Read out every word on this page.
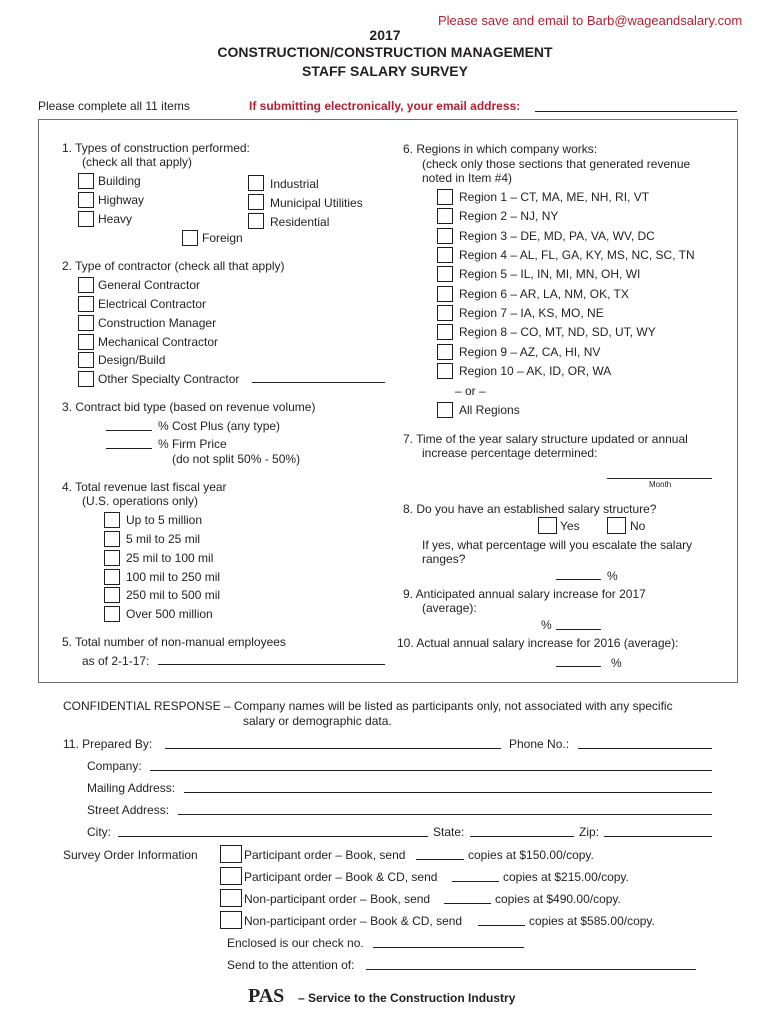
Please save and email to Barb@wageandsalary.com
2017
CONSTRUCTION/CONSTRUCTION MANAGEMENT
STAFF SALARY SURVEY
Please complete all 11 items	If submitting electronically, your email address:
1. Types of construction performed:
(check all that apply)
Building
Highway
Heavy
Industrial
Municipal Utilities
Residential
Foreign
2. Type of contractor (check all that apply)
General Contractor
Electrical Contractor
Construction Manager
Mechanical Contractor
Design/Build
Other Specialty Contractor
3. Contract bid type (based on revenue volume)
% Cost Plus (any type)
% Firm Price
(do not split 50% - 50%)
4. Total revenue last fiscal year
(U.S. operations only)
Up to 5 million
5 mil to 25 mil
25 mil to 100 mil
100 mil to 250 mil
250 mil to 500 mil
Over 500 million
5. Total number of non-manual employees
as of 2-1-17:
6. Regions in which company works:
(check only those sections that generated revenue
noted in Item #4)
Region 1 – CT, MA, ME, NH, RI, VT
Region 2 – NJ, NY
Region 3 – DE, MD, PA, VA, WV, DC
Region 4 – AL, FL, GA, KY, MS, NC, SC, TN
Region 5 – IL, IN, MI, MN, OH, WI
Region 6 – AR, LA, NM, OK, TX
Region 7 – IA, KS, MO, NE
Region 8 – CO, MT, ND, SD, UT, WY
Region 9 – AZ, CA, HI, NV
Region 10 – AK, ID, OR, WA
– or –
All Regions
7. Time of the year salary structure updated or annual
increase percentage determined:
Month
8. Do you have an established salary structure?
Yes	No
If yes, what percentage will you escalate the salary
ranges?
%
9. Anticipated annual salary increase for 2017
(average):
%
10. Actual annual salary increase for 2016 (average):
%
CONFIDENTIAL RESPONSE – Company names will be listed as participants only, not associated with any specific
salary or demographic data.
11. Prepared By:	Phone No.:
Company:
Mailing Address:
Street Address:
City:	State:	Zip:
Survey Order Information	Participant order – Book, send	copies at $150.00/copy.
Participant order – Book & CD, send	copies at $215.00/copy.
Non-participant order – Book, send	copies at $490.00/copy.
Non-participant order – Book & CD, send	copies at $585.00/copy.
Enclosed is our check no.
Send to the attention of:
PAS – Service to the Construction Industry
